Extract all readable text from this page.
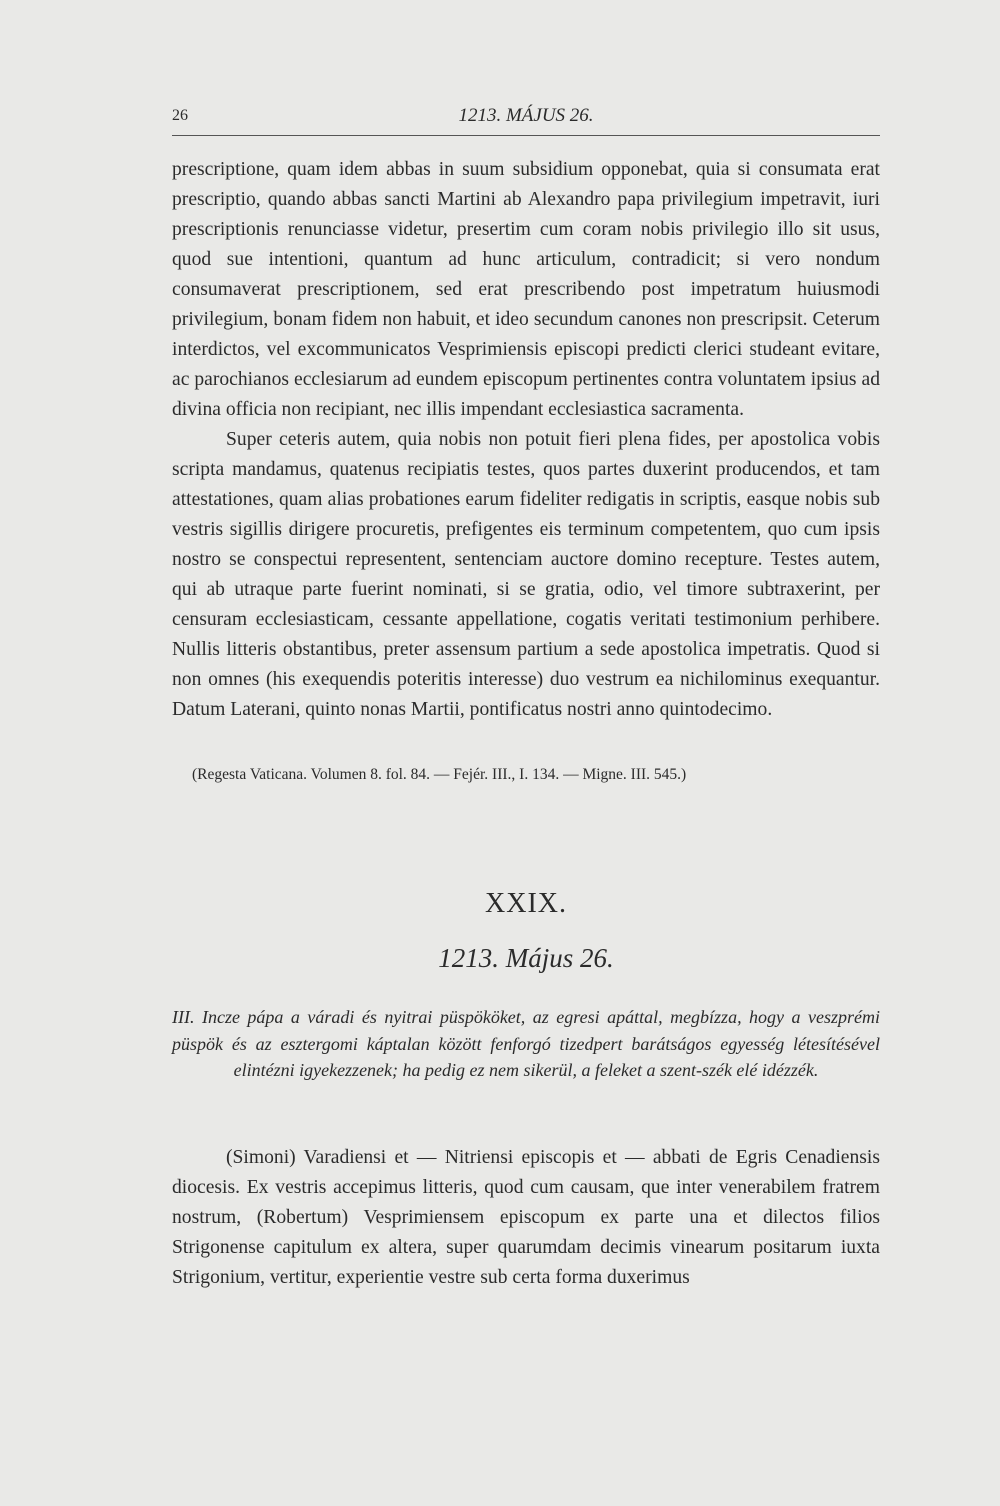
26	1213. MÁJUS 26.

prescriptione, quam idem abbas in suum subsidium opponebat, quia si consumata erat prescriptio, quando abbas sancti Martini ab Alexandro papa privilegium impetravit, iuri prescriptionis renunciasse videtur, presertim cum coram nobis privilegio illo sit usus, quod sue intentioni, quantum ad hunc articulum, contradicit; si vero nondum consumaverat prescriptionem, sed erat prescribendo post impetratum huiusmodi privilegium, bonam fidem non habuit, et ideo secundum canones non prescripsit. Ceterum interdictos, vel excommunicatos Vesprimiensis episcopi predicti clerici studeant evitare, ac parochianos ecclesiarum ad eundem episcopum pertinentes contra voluntatem ipsius ad divina officia non recipiant, nec illis impendant ecclesiastica sacramenta.

Super ceteris autem, quia nobis non potuit fieri plena fides, per apostolica vobis scripta mandamus, quatenus recipiatis testes, quos partes duxerint producendos, et tam attestationes, quam alias probationes earum fideliter redigatis in scriptis, easque nobis sub vestris sigillis dirigere procuretis, prefigentes eis terminum competentem, quo cum ipsis nostro se conspectui representent, sentenciam auctore domino recepture. Testes autem, qui ab utraque parte fuerint nominati, si se gratia, odio, vel timore subtraxerint, per censuram ecclesiasticam, cessante appellatione, cogatis veritati testimonium perhibere. Nullis litteris obstantibus, preter assensum partium a sede apostolica impetratis. Quod si non omnes (his exequendis poteritis interesse) duo vestrum ea nichilominus exequantur. Datum Laterani, quinto nonas Martii, pontificatus nostri anno quintodecimo.

(Regesta Vaticana. Volumen 8. fol. 84. — Fejér. III., I. 134. — Migne. III. 545.)
XXIX.
1213. Május 26.
III. Incze pápa a váradi és nyitrai püspököket, az egresi apáttal, megbízza, hogy a veszprémi püspök és az esztergomi káptalan között fenforgó tizedpert barátságos egyesség létesítésével elintézni igyekezzenek; ha pedig ez nem sikerül, a feleket a szent-szék elé idézzék.

(Simoni) Varadiensi et — Nitriensi episcopis et — abbati de Egris Cenadiensis diocesis. Ex vestris accepimus litteris, quod cum causam, que inter venerabilem fratrem nostrum, (Robertum) Vesprimiensem episcopum ex parte una et dilectos filios Strigonense capitulum ex altera, super quarumdam decimis vinearum positarum iuxta Strigonium, vertitur, experientie vestre sub certa forma duxerimus
